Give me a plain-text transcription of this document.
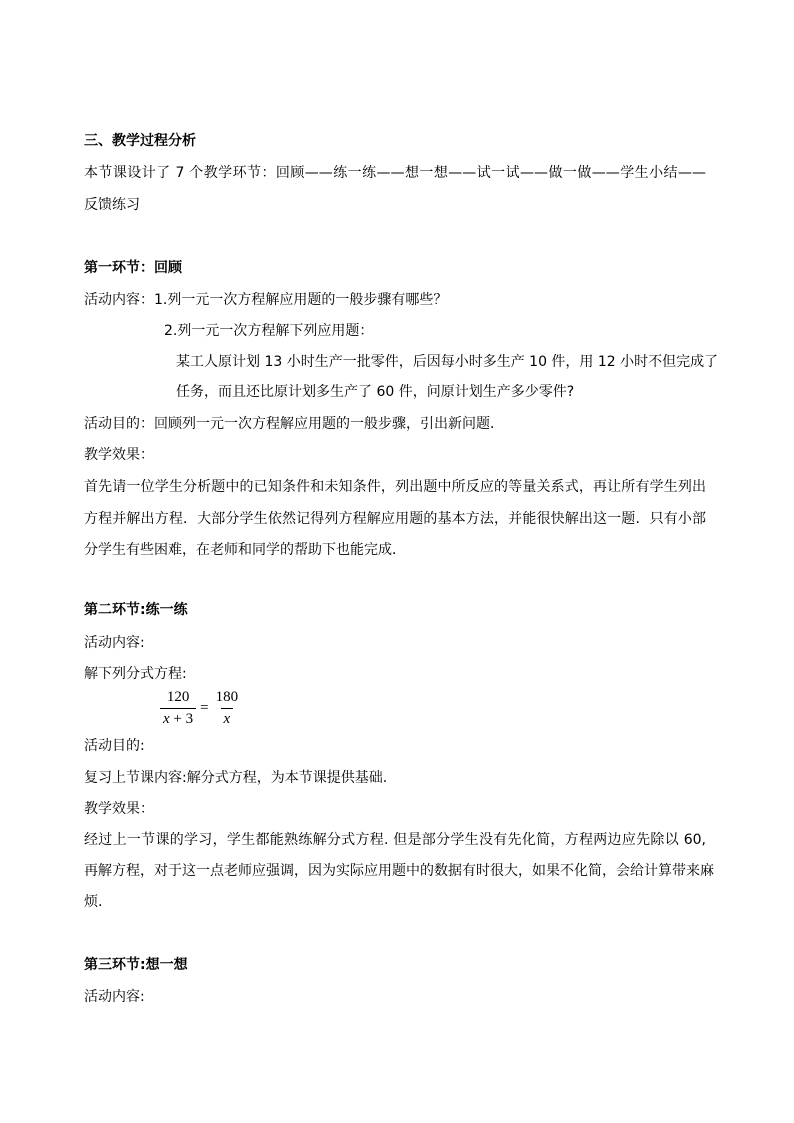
三、教学过程分析
本节课设计了 7 个教学环节：回顾——练一练——想一想——试一试——做一做——学生小结——
反馈练习
第一环节：回顾
活动内容：1.列一元一次方程解应用题的一般步骤有哪些？
2.列一元一次方程解下列应用题：
某工人原计划 13 小时生产一批零件，后因每小时多生产 10 件，用 12 小时不但完成了
任务，而且还比原计划多生产了 60 件，问原计划生产多少零件?
活动目的：回顾列一元一次方程解应用题的一般步骤，引出新问题．
教学效果：
首先请一位学生分析题中的已知条件和未知条件，列出题中所反应的等量关系式，再让所有学生列出
方程并解出方程．大部分学生依然记得列方程解应用题的基本方法，并能很快解出这一题．只有小部
分学生有些困难，在老师和同学的帮助下也能完成．
第二环节:练一练
活动内容:
解下列分式方程:
$\frac{120}{x + 3} = \frac{180}{x}$
活动目的:
复习上节课内容:解分式方程，为本节课提供基础.
教学效果：
经过上一节课的学习，学生都能熟练解分式方程. 但是部分学生没有先化简，方程两边应先除以 60,
再解方程，对于这一点老师应强调，因为实际应用题中的数据有时很大，如果不化简，会给计算带来麻
烦.
第三环节:想一想
活动内容:
